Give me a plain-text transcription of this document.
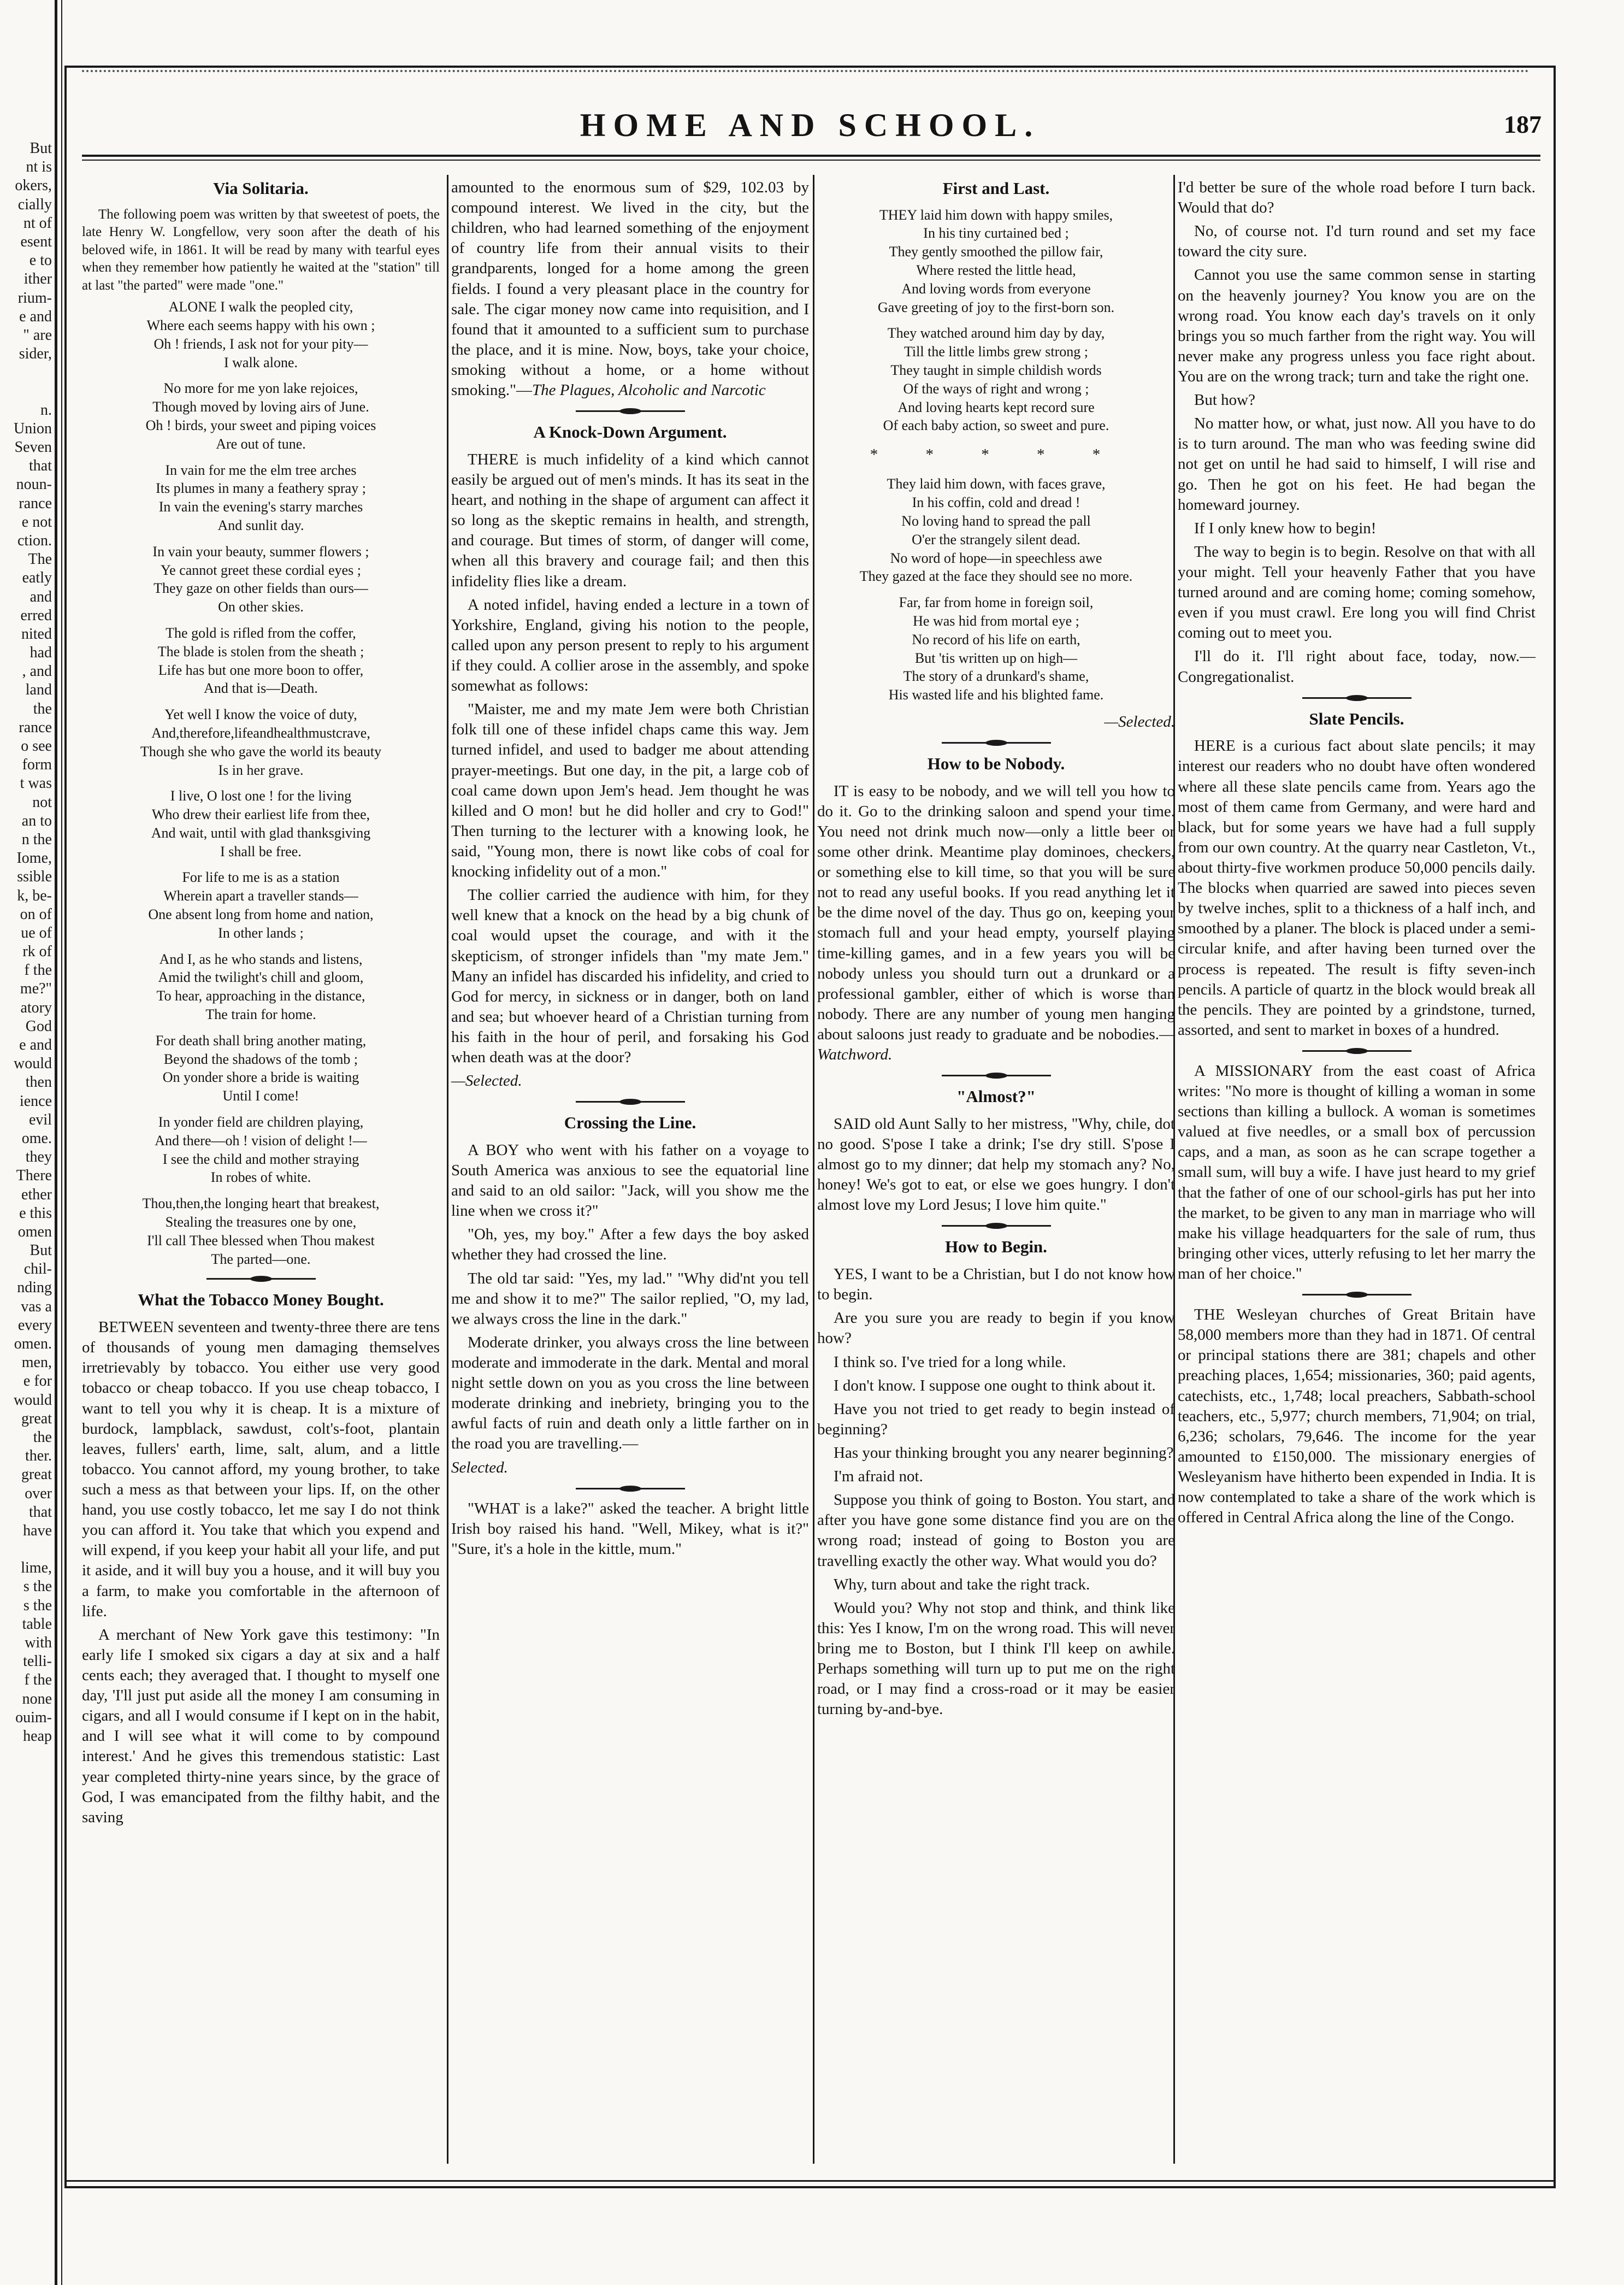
But
nt is
okers,
cially
nt of
esent
e to
ither
rium-
e and
" are
sider,
n.
Union
Seven
that
noun-
rance
e not
ction.
The
eatly
and
erred
nited
had
, and
land
the
rance
o see
form
t was
not
an to
n the
Iome,
ssible
k, be-
on of
ue of
rk of
f the
me?"
atory
God
e and
would
then
ience
evil
ome.
they
There
ether
e this
omen
But
chil-
nding
vas a
every
omen.
men,
e for
would
great
the
ther.
great
over
that
have
lime,
s the
s the
table
with
telli-
f the
none
ouim-
heap
HOME AND SCHOOL.	187
Via Solitaria.

The following poem was written by that sweetest of poets, the late Henry W. Longfellow, very soon after the death of his beloved wife, in 1861. It will be read by many with tearful eyes when they remember how patiently he waited at the "station" till at last "the parted" were made "one."

ALONE I walk the peopled city,
Where each seems happy with his own ;
Oh ! friends, I ask not for your pity—
I walk alone.
No more for me yon lake rejoices,
Though moved by loving airs of June.
Oh ! birds, your sweet and piping voices
Are out of tune.
In vain for me the elm tree arches
Its plumes in many a feathery spray ;
In vain the evening's starry marches
And sunlit day.
In vain your beauty, summer flowers ;
Ye cannot greet these cordial eyes ;
They gaze on other fields than ours—
On other skies.
The gold is rifled from the coffer,
The blade is stolen from the sheath ;
Life has but one more boon to offer,
And that is—Death.
Yet well I know the voice of duty,
And,therefore,lifeandhealthmustcrave,
Though she who gave the world its beauty
Is in her grave.
I live, O lost one ! for the living
Who drew their earliest life from thee,
And wait, until with glad thanksgiving
I shall be free.
For life to me is as a station
Wherein apart a traveller stands—
One absent long from home and nation,
In other lands ;
And I, as he who stands and listens,
Amid the twilight's chill and gloom,
To hear, approaching in the distance,
The train for home.
For death shall bring another mating,
Beyond the shadows of the tomb ;
On yonder shore a bride is waiting
Until I come!
In yonder field are children playing,
And there—oh ! vision of delight !—
I see the child and mother straying
In robes of white.
Thou,then,the longing heart that breakest,
Stealing the treasures one by one,
I'll call Thee blessed when Thou makest
The parted—one.
What the Tobacco Money Bought.

BETWEEN seventeen and twenty-three there are tens of thousands of young men damaging themselves irretrievably by tobacco. You either use very good tobacco or cheap tobacco. If you use cheap tobacco, I want to tell you why it is cheap. It is a mixture of burdock, lampblack, sawdust, colt's-foot, plantain leaves, fullers' earth, lime, salt, alum, and a little tobacco. You cannot afford, my young brother, to take such a mess as that between your lips. If, on the other hand, you use costly tobacco, let me say I do not think you can afford it. You take that which you expend and will expend, if you keep your habit all your life, and put it aside, and it will buy you a house, and it will buy you a farm, to make you comfortable in the afternoon of life.

A merchant of New York gave this testimony: "In early life I smoked six cigars a day at six and a half cents each; they averaged that. I thought to myself one day, 'I'll just put aside all the money I am consuming in cigars, and all I would consume if I kept on in the habit, and I will see what it will come to by compound interest.' And he gives this tremendous statistic: Last year completed thirty-nine years since, by the grace of God, I was emancipated from the filthy habit, and the saving

amounted to the enormous sum of $29, 102.03 by compound interest. We lived in the city, but the children, who had learned something of the enjoyment of country life from their annual visits to their grandparents, longed for a home among the green fields. I found a very pleasant place in the country for sale. The cigar money now came into requisition, and I found that it amounted to a sufficient sum to purchase the place, and it is mine. Now, boys, take your choice, smoking without a home, or a home without smoking."—The Plagues, Alcoholic and Narcotic

A Knock-Down Argument.

THERE is much infidelity of a kind which cannot easily be argued out of men's minds. It has its seat in the heart, and nothing in the shape of argument can affect it so long as the skeptic remains in health, and strength, and courage. But times of storm, of danger will come, when all this bravery and courage fail; and then this infidelity flies like a dream.

A noted infidel, having ended a lecture in a town of Yorkshire, England, giving his notion to the people, called upon any person present to reply to his argument if they could. A collier arose in the assembly, and spoke somewhat as follows:

"Maister, me and my mate Jem were both Christian folk till one of these infidel chaps came this way. Jem turned infidel, and used to badger me about attending prayer-meetings. But one day, in the pit, a large cob of coal came down upon Jem's head. Jem thought he was killed and O mon! but he did holler and cry to God!" Then turning to the lecturer with a knowing look, he said, "Young mon, there is nowt like cobs of coal for knocking infidelity out of a mon."

The collier carried the audience with him, for they well knew that a knock on the head by a big chunk of coal would upset the courage, and with it the skepticism, of stronger infidels than "my mate Jem." Many an infidel has discarded his infidelity, and cried to God for mercy, in sickness or in danger, both on land and sea; but whoever heard of a Christian turning from his faith in the hour of peril, and forsaking his God when death was at the door?

—Selected.
Crossing the Line.

A BOY who went with his father on a voyage to South America was anxious to see the equatorial line and said to an old sailor: "Jack, will you show me the line when we cross it?"

"Oh, yes, my boy." After a few days the boy asked whether they had crossed the line.

The old tar said: "Yes, my lad." "Why did'nt you tell me and show it to me?" The sailor replied, "O, my lad, we always cross the line in the dark."

Moderate drinker, you always cross the line between moderate and immoderate in the dark. Mental and moral night settle down on you as you cross the line between moderate drinking and inebriety, bringing you to the awful facts of ruin and death only a little farther on in the road you are travelling.—

Selected.

"WHAT is a lake?" asked the teacher. A bright little Irish boy raised his hand. "Well, Mikey, what is it?" "Sure, it's a hole in the kittle, mum."

First and Last.
THEY laid him down with happy smiles,
In his tiny curtained bed ;
They gently smoothed the pillow fair,
Where rested the little head,
And loving words from everyone
Gave greeting of joy to the first-born son.
They watched around him day by day,
Till the little limbs grew strong ;
They taught in simple childish words
Of the ways of right and wrong ;
And loving hearts kept record sure
Of each baby action, so sweet and pure.
* * * * *
They laid him down, with faces grave,
In his coffin, cold and dread !
No loving hand to spread the pall
O'er the strangely silent dead.
No word of hope—in speechless awe
They gazed at the face they should see no more.
Far, far from home in foreign soil,
He was hid from mortal eye ;
No record of his life on earth,
But 'tis written up on high—
The story of a drunkard's shame,
His wasted life and his blighted fame.
—Selected.
How to be Nobody.

IT is easy to be nobody, and we will tell you how to do it. Go to the drinking saloon and spend your time. You need not drink much now—only a little beer or some other drink. Meantime play dominoes, checkers, or something else to kill time, so that you will be sure not to read any useful books. If you read anything let it be the dime novel of the day. Thus go on, keeping your stomach full and your head empty, yourself playing time-killing games, and in a few years you will be nobody unless you should turn out a drunkard or a professional gambler, either of which is worse than nobody. There are any number of young men hanging about saloons just ready to graduate and be nobodies.—Watchword.

"Almost?"

SAID old Aunt Sally to her mistress, "Why, chile, dot no good. S'pose I take a drink; I'se dry still. S'pose I almost go to my dinner; dat help my stomach any? No, honey! We's got to eat, or else we goes hungry. I don't almost love my Lord Jesus; I love him quite."

How to Begin.

YES, I want to be a Christian, but I do not know how to begin.

Are you sure you are ready to begin if you know how?

I think so. I've tried for a long while.

I don't know. I suppose one ought to think about it.

Have you not tried to get ready to begin instead of beginning?

Has your thinking brought you any nearer beginning?

I'm afraid not.

Suppose you think of going to Boston. You start, and after you have gone some distance find you are on the wrong road; instead of going to Boston you are travelling exactly the other way. What would you do?

Why, turn about and take the right track.

Would you? Why not stop and think, and think like this: Yes I know, I'm on the wrong road. This will never bring me to Boston, but I think I'll keep on awhile. Perhaps something will turn up to put me on the right road, or I may find a cross-road or it may be easier turning by-and-bye.

I'd better be sure of the whole road before I turn back. Would that do?

No, of course not. I'd turn round and set my face toward the city sure.

Cannot you use the same common sense in starting on the heavenly journey? You know you are on the wrong road. You know each day's travels on it only brings you so much farther from the right way. You will never make any progress unless you face right about. You are on the wrong track; turn and take the right one.

But how?

No matter how, or what, just now. All you have to do is to turn around. The man who was feeding swine did not get on until he had said to himself, I will rise and go. Then he got on his feet. He had began the homeward journey.

If I only knew how to begin!

The way to begin is to begin. Resolve on that with all your might. Tell your heavenly Father that you have turned around and are coming home; coming somehow, even if you must crawl. Ere long you will find Christ coming out to meet you.

I'll do it. I'll right about face, today, now.—Congregationalist.

Slate Pencils.

HERE is a curious fact about slate pencils; it may interest our readers who no doubt have often wondered where all these slate pencils came from. Years ago the most of them came from Germany, and were hard and black, but for some years we have had a full supply from our own country. At the quarry near Castleton, Vt., about thirty-five workmen produce 50,000 pencils daily. The blocks when quarried are sawed into pieces seven by twelve inches, split to a thickness of a half inch, and smoothed by a planer. The block is placed under a semi-circular knife, and after having been turned over the process is repeated. The result is fifty seven-inch pencils. A particle of quartz in the block would break all the pencils. They are pointed by a grindstone, turned, assorted, and sent to market in boxes of a hundred.

A MISSIONARY from the east coast of Africa writes: "No more is thought of killing a woman in some sections than killing a bullock. A woman is sometimes valued at five needles, or a small box of percussion caps, and a man, as soon as he can scrape together a small sum, will buy a wife. I have just heard to my grief that the father of one of our school-girls has put her into the market, to be given to any man in marriage who will make his village headquarters for the sale of rum, thus bringing other vices, utterly refusing to let her marry the man of her choice."

THE Wesleyan churches of Great Britain have 58,000 members more than they had in 1871. Of central or principal stations there are 381; chapels and other preaching places, 1,654; missionaries, 360; paid agents, catechists, etc., 1,748; local preachers, Sabbath-school teachers, etc., 5,977; church members, 71,904; on trial, 6,236; scholars, 79,646. The income for the year amounted to £150,000. The missionary energies of Wesleyanism have hitherto been expended in India. It is now contemplated to take a share of the work which is offered in Central Africa along the line of the Congo.
